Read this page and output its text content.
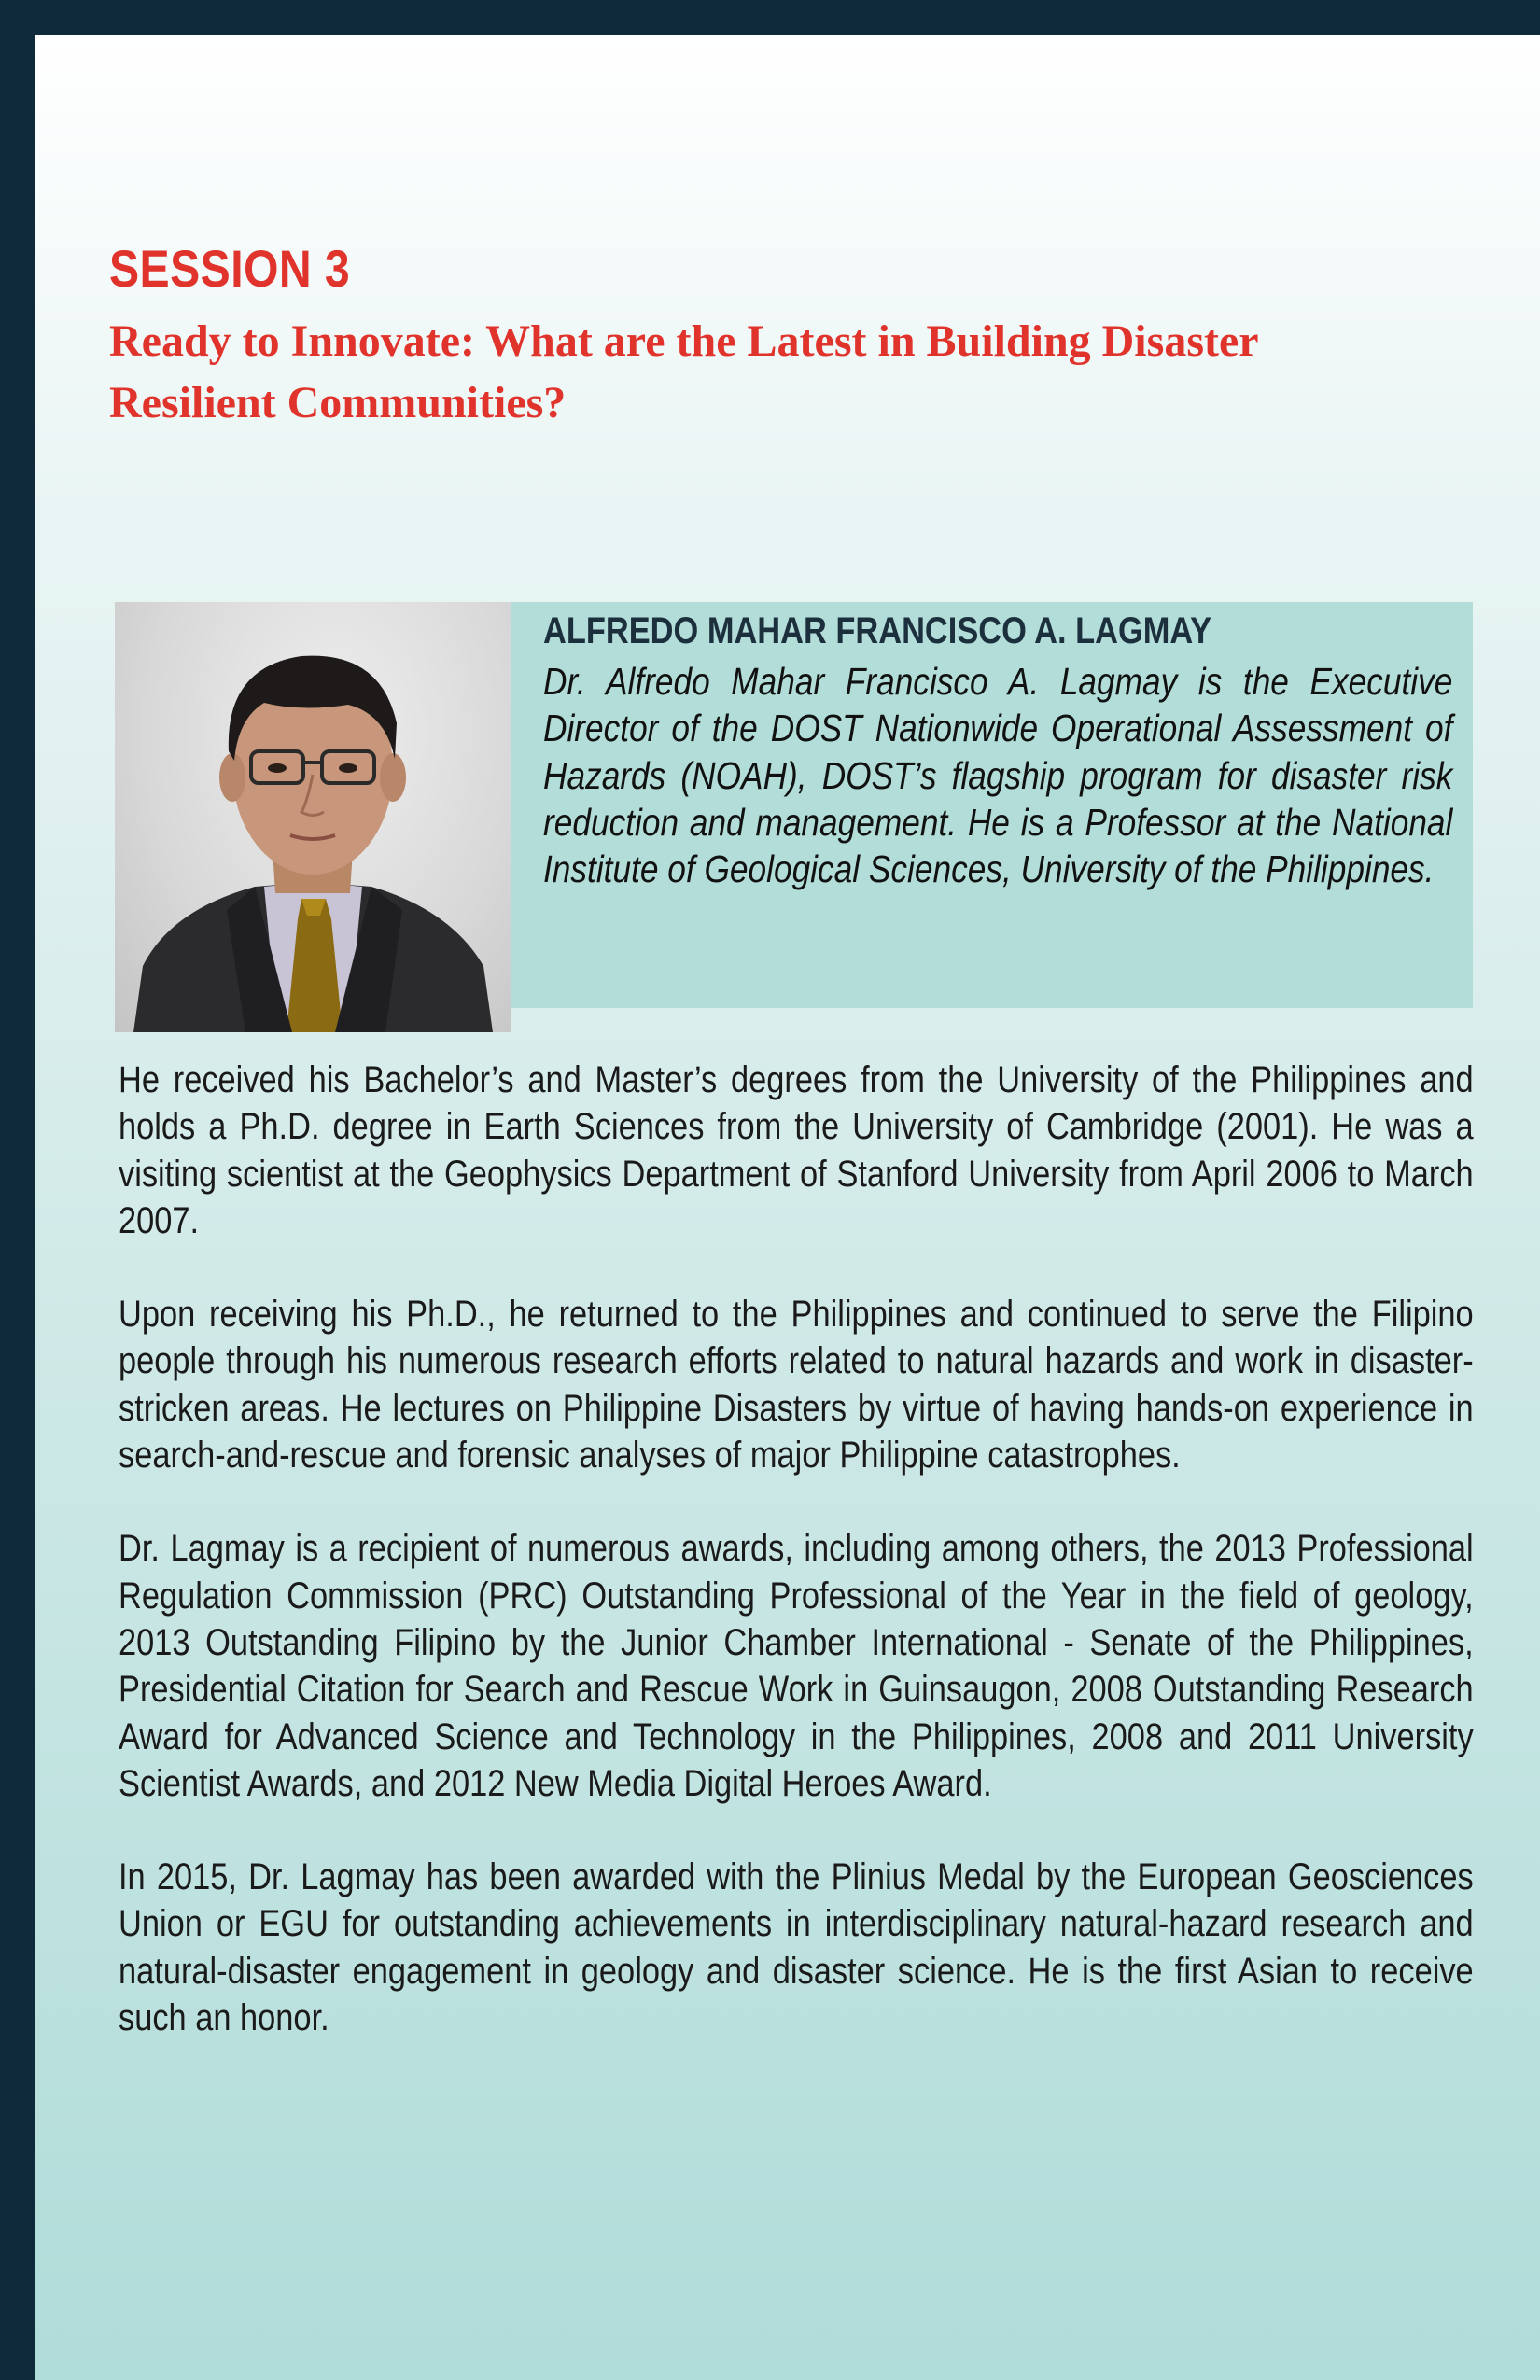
SESSION 3
Ready to Innovate: What are the Latest in Building Disaster Resilient Communities?
ALFREDO MAHAR FRANCISCO A. LAGMAY
Dr. Alfredo Mahar Francisco A. Lagmay is the Executive Director of the DOST Nationwide Operational Assessment of Hazards (NOAH), DOST’s flagship program for disaster risk reduction and management. He is a Professor at the National Institute of Geological Sciences, University of the Philippines.

He received his Bachelor’s and Master’s degrees from the University of the Philippines and holds a Ph.D. degree in Earth Sciences from the University of Cambridge (2001). He was a visiting scientist at the Geophysics Department of Stanford University from April 2006 to March 2007.

Upon receiving his Ph.D., he returned to the Philippines and continued to serve the Filipino people through his numerous research efforts related to natural hazards and work in disaster-stricken areas. He lectures on Philippine Disasters by virtue of having hands-on experience in search-and-rescue and forensic analyses of major Philippine catastrophes.

Dr. Lagmay is a recipient of numerous awards, including among others, the 2013 Professional Regulation Commission (PRC) Outstanding Professional of the Year in the field of geology, 2013 Outstanding Filipino by the Junior Chamber International - Senate of the Philippines, Presidential Citation for Search and Rescue Work in Guinsaugon, 2008 Outstanding Research Award for Advanced Science and Technology in the Philippines, 2008 and 2011 University Scientist Awards, and 2012 New Media Digital Heroes Award.

In 2015, Dr. Lagmay has been awarded with the Plinius Medal by the European Geosciences Union or EGU for outstanding achievements in interdisciplinary natural-hazard research and natural-disaster engagement in geology and disaster science. He is the first Asian to receive such an honor.
